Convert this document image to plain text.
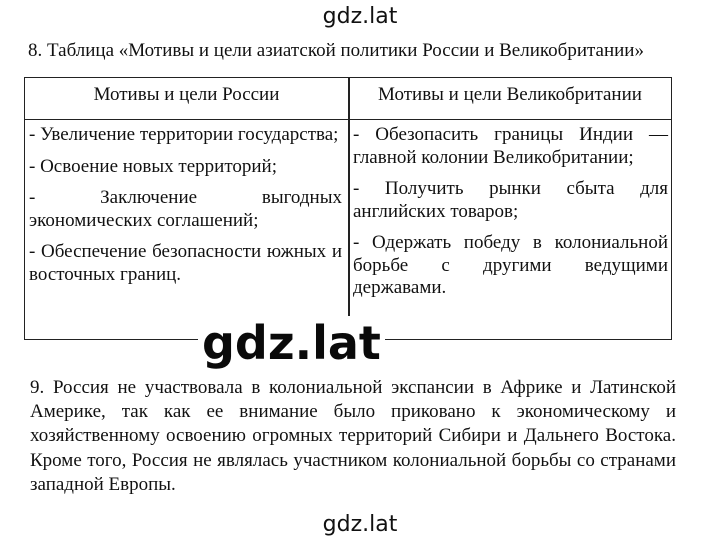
gdz.lat
8. Таблица «Мотивы и цели азиатской политики России и Великобритании»
Мотивы и цели России	Мотивы и цели Великобритании

- Увеличение территории государства;

- Освоение новых территорий;

- Заключение выгодных экономических соглашений;

- Обеспечение безопасности южных и восточных границ.

- Обезопасить границы Индии — главной колонии Великобритании;

- Получить рынки сбыта для английских товаров;

- Одержать победу в колониальной борьбе с другими ведущими державами.

gdz.lat

9. Россия не участвовала в колониальной экспансии в Африке и Латинской Америке, так как ее внимание было приковано к экономическому и хозяйственному освоению огромных территорий Сибири и Дальнего Востока. Кроме того, Россия не являлась участником колониальной борьбы со странами западной Европы.

gdz.lat
